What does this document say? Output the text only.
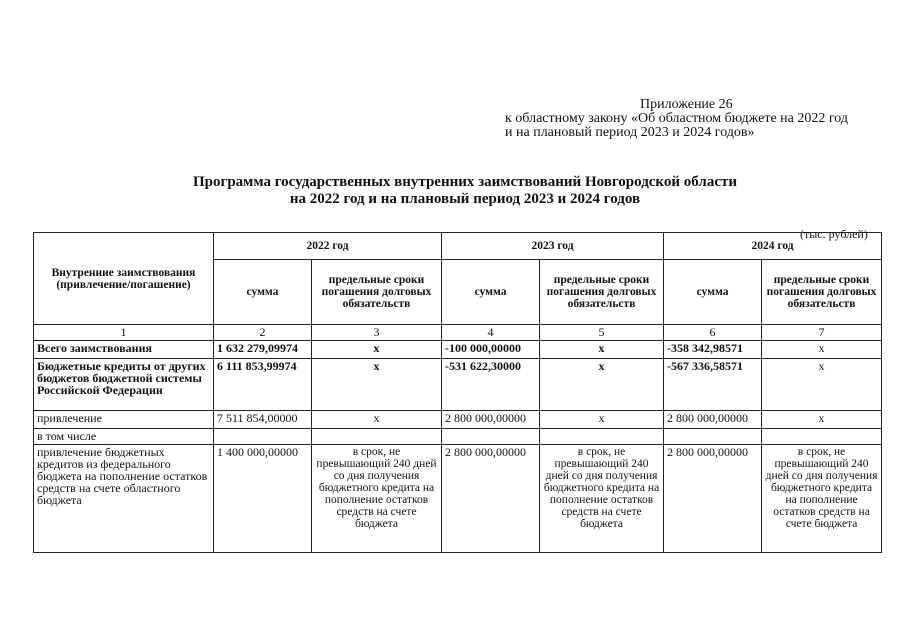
Приложение 26
к областному закону «Об областном бюджете на 2022 год
и на плановый период 2023 и 2024 годов»
Программа государственных внутренних заимствований Новгородской области
на 2022 год и на плановый период 2023 и 2024 годов
(тыс. рублей)
Внутренние заимствования (привлечение/погашение)	2022 год		2023 год		2024 год	
	сумма	предельные сроки погашения долговых обязательств	сумма	предельные сроки погашения долговых обязательств	сумма	предельные сроки погашения долговых обязательств
1	2	3	4	5	6	7
Всего заимствования	1 632 279,09974	х	-100 000,00000	х	-358 342,98571	х
Бюджетные кредиты от других бюджетов бюджетной системы Российской Федерации	6 111 853,99974	х	-531 622,30000	х	-567 336,58571	х
привлечение	7 511 854,00000	х	2 800 000,00000	х	2 800 000,00000	х
в том числе						
привлечение бюджетных кредитов из федерального бюджета на пополнение остатков средств на счете областного бюджета	1 400 000,00000	в срок, не превышающий 240 дней со дня получения бюджетного кредита на пополнение остатков средств на счете бюджета	2 800 000,00000	в срок, не превышающий 240 дней со дня получения бюджетного кредита на пополнение остатков средств на счете бюджета	2 800 000,00000	в срок, не превышающий 240 дней со дня получения бюджетного кредита на пополнение остатков средств на счете бюджета
